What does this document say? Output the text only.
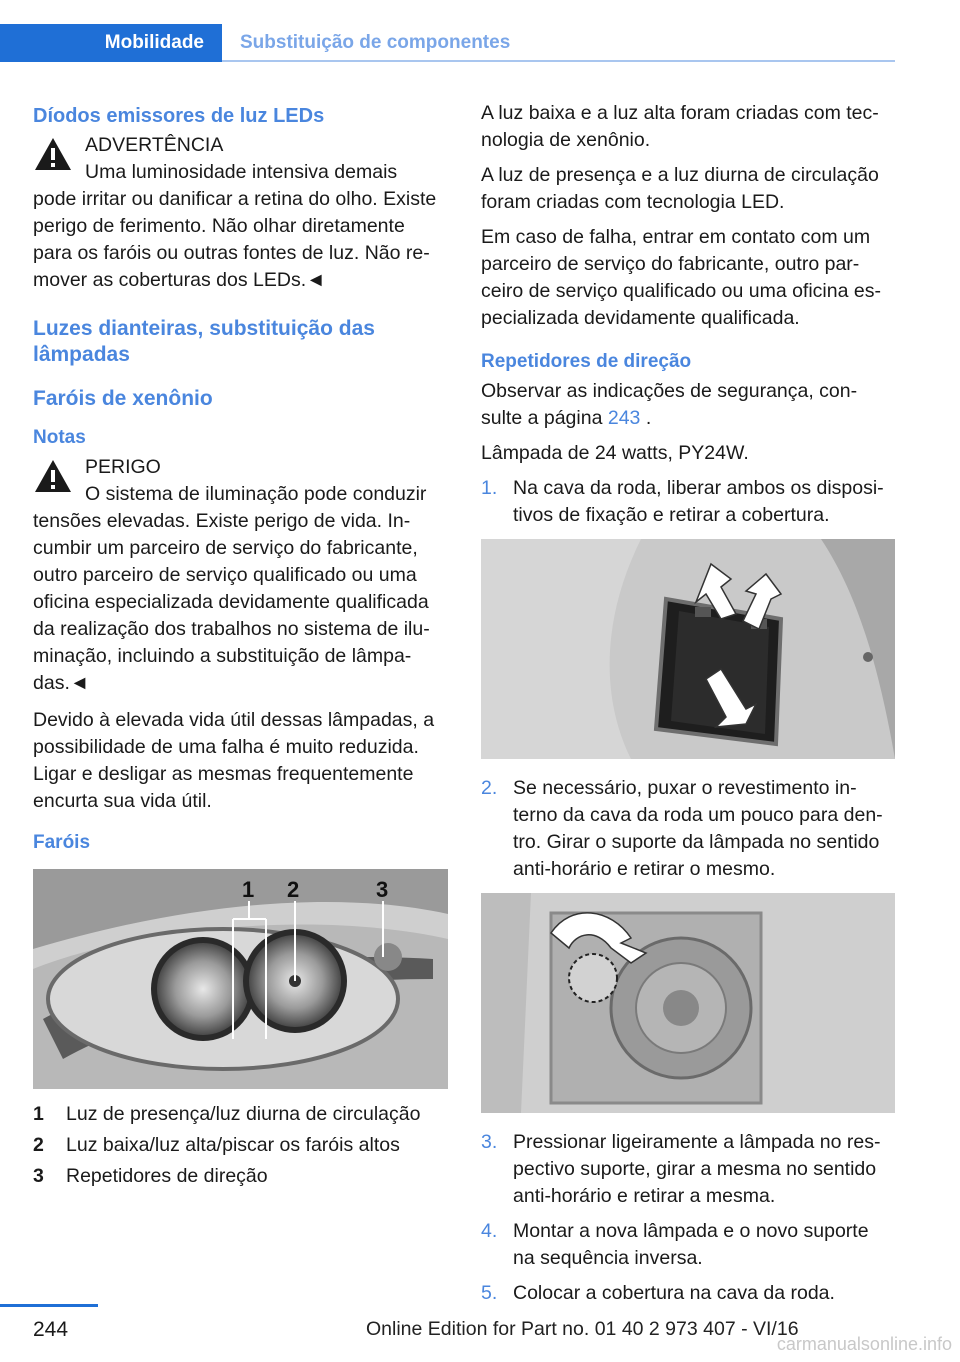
Mobilidade	Substituição de componentes
Díodos emissores de luz LEDs
ADVERTÊNCIA
Uma luminosidade intensiva demais
pode irritar ou danificar a retina do olho. Existe perigo de ferimento. Não olhar diretamente para os faróis ou outras fontes de luz. Não re-mover as coberturas dos LEDs.◄
Luzes dianteiras, substituição das lâmpadas
Faróis de xenônio
Notas
PERIGO
O sistema de iluminação pode conduzir
tensões elevadas. Existe perigo de vida. In-cumbir um parceiro de serviço do fabricante, outro parceiro de serviço qualificado ou uma oficina especializada devidamente qualificada da realização dos trabalhos no sistema de ilu-minação, incluindo a substituição de lâmpa-das.◄

Devido à elevada vida útil dessas lâmpadas, a possibilidade de uma falha é muito reduzida. Ligar e desligar as mesmas frequentemente encurta sua vida útil.

Faróis
1 2	3
1	Luz de presença/luz diurna de circulação
2	Luz baixa/luz alta/piscar os faróis altos
3	Repetidores de direção

A luz baixa e a luz alta foram criadas com tec-nologia de xenônio.

A luz de presença e a luz diurna de circulação foram criadas com tecnologia LED.

Em caso de falha, entrar em contato com um parceiro de serviço do fabricante, outro par-ceiro de serviço qualificado ou uma oficina es-pecializada devidamente qualificada.

Repetidores de direção

Observar as indicações de segurança, con-sulte a página 243 .

Lâmpada de 24 watts, PY24W.

1. Na cava da roda, liberar ambos os disposi-tivos de fixação e retirar a cobertura.
2. Se necessário, puxar o revestimento in-terno da cava da roda um pouco para den-tro. Girar o suporte da lâmpada no sentido anti-horário e retirar o mesmo.
3. Pressionar ligeiramente a lâmpada no res-pectivo suporte, girar a mesma no sentido anti-horário e retirar a mesma.
4. Montar a nova lâmpada e o novo suporte na sequência inversa.
5. Colocar a cobertura na cava da roda.
244	Online Edition for Part no. 01 40 2 973 407 - VI/16
carmanualsonline.info
